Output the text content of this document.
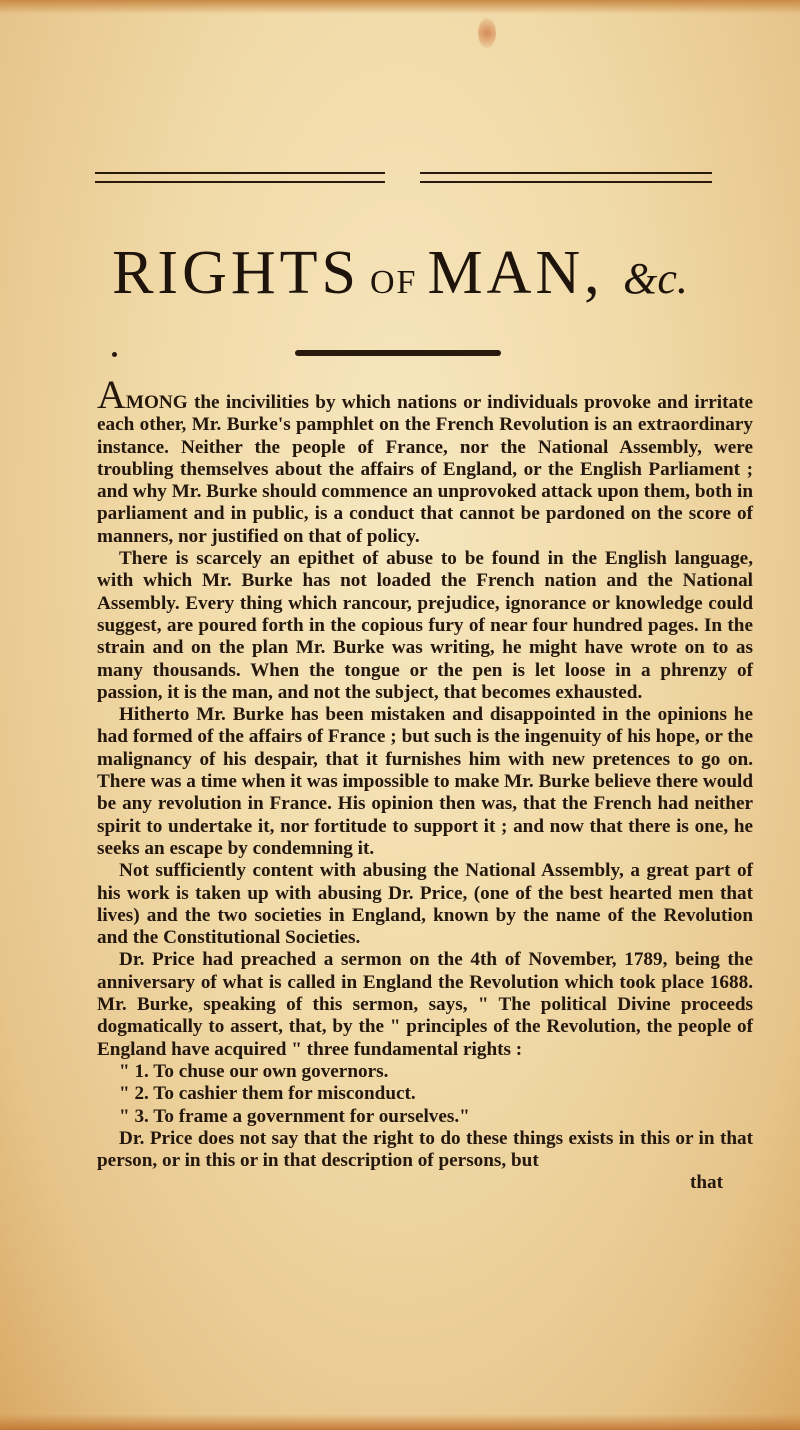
RIGHTS OF MAN, &c.

AMONG the incivilities by which nations or individuals provoke and irritate each other, Mr. Burke's pamphlet on the French Revolution is an extraordinary instance. Neither the people of France, nor the National Assembly, were troubling themselves about the affairs of England, or the English Parliament ; and why Mr. Burke should commence an unprovoked attack upon them, both in parliament and in public, is a conduct that cannot be pardoned on the score of manners, nor justified on that of policy.

There is scarcely an epithet of abuse to be found in the English language, with which Mr. Burke has not loaded the French nation and the National Assembly. Every thing which rancour, prejudice, ignorance or knowledge could suggest, are poured forth in the copious fury of near four hundred pages. In the strain and on the plan Mr. Burke was writing, he might have wrote on to as many thousands. When the tongue or the pen is let loose in a phrenzy of passion, it is the man, and not the subject, that becomes exhausted.

Hitherto Mr. Burke has been mistaken and disappointed in the opinions he had formed of the affairs of France ; but such is the ingenuity of his hope, or the malignancy of his despair, that it furnishes him with new pretences to go on. There was a time when it was impossible to make Mr. Burke believe there would be any revolution in France. His opinion then was, that the French had neither spirit to undertake it, nor fortitude to support it ; and now that there is one, he seeks an escape by condemning it.

Not sufficiently content with abusing the National Assembly, a great part of his work is taken up with abusing Dr. Price, (one of the best hearted men that lives) and the two societies in England, known by the name of the Revolution and the Constitutional Societies.

Dr. Price had preached a sermon on the 4th of November, 1789, being the anniversary of what is called in England the Revolution which took place 1688. Mr. Burke, speaking of this sermon, says, " The political Divine proceeds dogmatically to assert, that, by the " principles of the Revolution, the people of England have acquired " three fundamental rights :

" 1. To chuse our own governors.

" 2. To cashier them for misconduct.

" 3. To frame a government for ourselves."

Dr. Price does not say that the right to do these things exists in this or in that person, or in this or in that description of persons, but

that
